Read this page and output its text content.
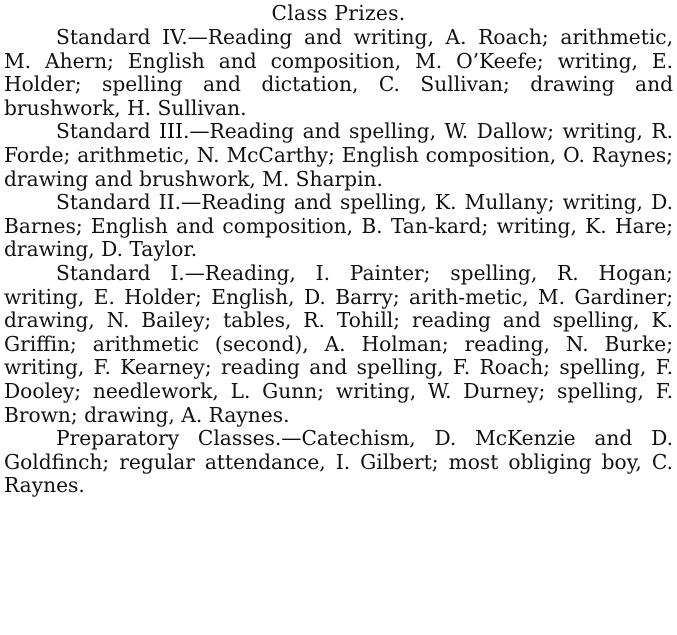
Class Prizes.

Standard IV.—Reading and writing, A. Roach; arithmetic, M. Ahern; English and composition, M. O’Keefe; writing, E. Holder; spelling and dictation, C. Sullivan; drawing and brushwork, H. Sullivan.

Standard III.—Reading and spelling, W. Dallow; writing, R. Forde; arithmetic, N. McCarthy; English composition, O. Raynes; drawing and brushwork, M. Sharpin.

Standard II.—Reading and spelling, K. Mullany; writing, D. Barnes; English and composition, B. Tan-kard; writing, K. Hare; drawing, D. Taylor.

Standard I.—Reading, I. Painter; spelling, R. Hogan; writing, E. Holder; English, D. Barry; arith-metic, M. Gardiner; drawing, N. Bailey; tables, R. Tohill; reading and spelling, K. Griffin; arithmetic (second), A. Holman; reading, N. Burke; writing, F. Kearney; reading and spelling, F. Roach; spelling, F. Dooley; needlework, L. Gunn; writing, W. Durney; spelling, F. Brown; drawing, A. Raynes.

Preparatory Classes.—Catechism, D. McKenzie and D. Goldfinch; regular attendance, I. Gilbert; most obliging boy, C. Raynes.
